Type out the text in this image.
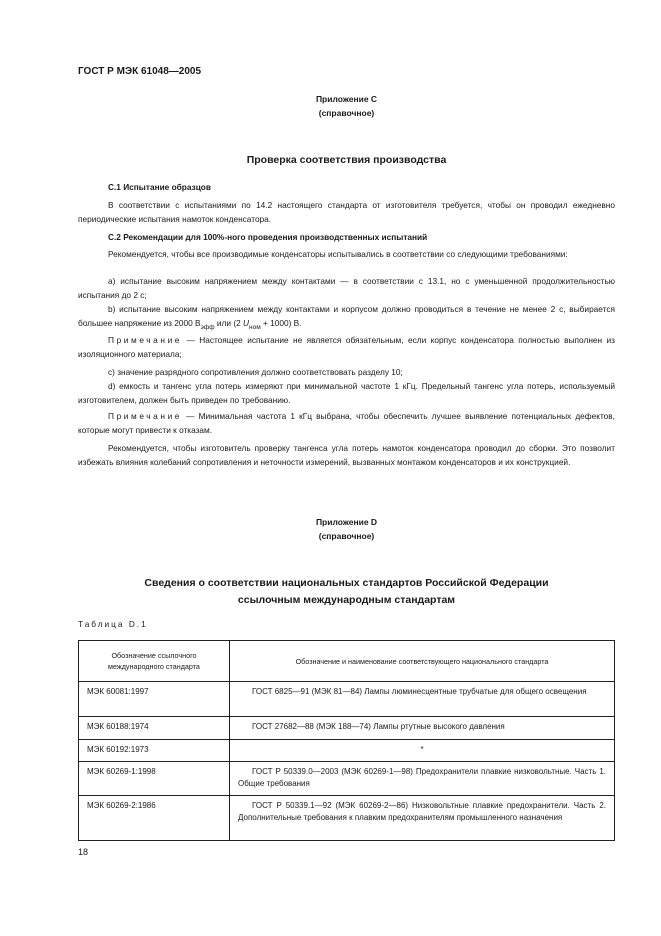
ГОСТ Р МЭК 61048—2005
Приложение C
(справочное)
Проверка соответствия производства
С.1 Испытание образцов
В соответствии с испытаниями по 14.2 настоящего стандарта от изготовителя требуется, чтобы он проводил ежедневно периодические испытания намоток конденсатора.
С.2 Рекомендации для 100%-ного проведения производственных испытаний
Рекомендуется, чтобы все производимые конденсаторы испытывались в соответствии со следующими требованиями:
a) испытание высоким напряжением между контактами — в соответствии с 13.1, но с уменьшенной продолжительностью испытания до 2 с;
b) испытание высоким напряжением между контактами и корпусом должно проводиться в течение не менее 2 с, выбирается большее напряжение из 2000 $В_{эфф}$ или (2 $U_{ном} + 1000$) В.
Примечание — Настоящее испытание не является обязательным, если корпус конденсатора полностью выполнен из изоляционного материала;
c) значение разрядного сопротивления должно соответствовать разделу 10;
d) емкость и тангенс угла потерь измеряют при минимальной частоте 1 кГц. Предельный тангенс угла потерь, используемый изготовителем, должен быть приведен по требованию.
Примечание — Минимальная частота 1 кГц выбрана, чтобы обеспечить лучшее выявление потенциальных дефектов, которые могут привести к отказам.
Рекомендуется, чтобы изготовитель проверку тангенса угла потерь намоток конденсатора проводил до сборки. Это позволит избежать влияния колебаний сопротивления и неточности измерений, вызванных монтажом конденсаторов и их конструкцией.
Приложение D
(справочное)
Сведения о соответствии национальных стандартов Российской Федерации
ссылочным международным стандартам
Таблица D.1
Обозначение ссылочного международного стандарта	Обозначение и наименование соответствующего национального стандарта
МЭК 60081:1997	ГОСТ 6825—91 (МЭК 81—84) Лампы люминесцентные трубчатые для общего освещения
МЭК 60188:1974	ГОСТ 27682—88 (МЭК 188—74) Лампы ртутные высокого давления
МЭК 60192:1973	*
МЭК 60269-1:1998	ГОСТ Р 50339.0—2003 (МЭК 60269-1—98) Предохранители плавкие низковольтные. Часть 1. Общие требования
МЭК 60269-2:1986	ГОСТ Р 50339.1—92 (МЭК 60269-2—86) Низковольтные плавкие предохранители. Часть 2. Дополнительные требования к плавким предохранителям промышленного назначения
18
